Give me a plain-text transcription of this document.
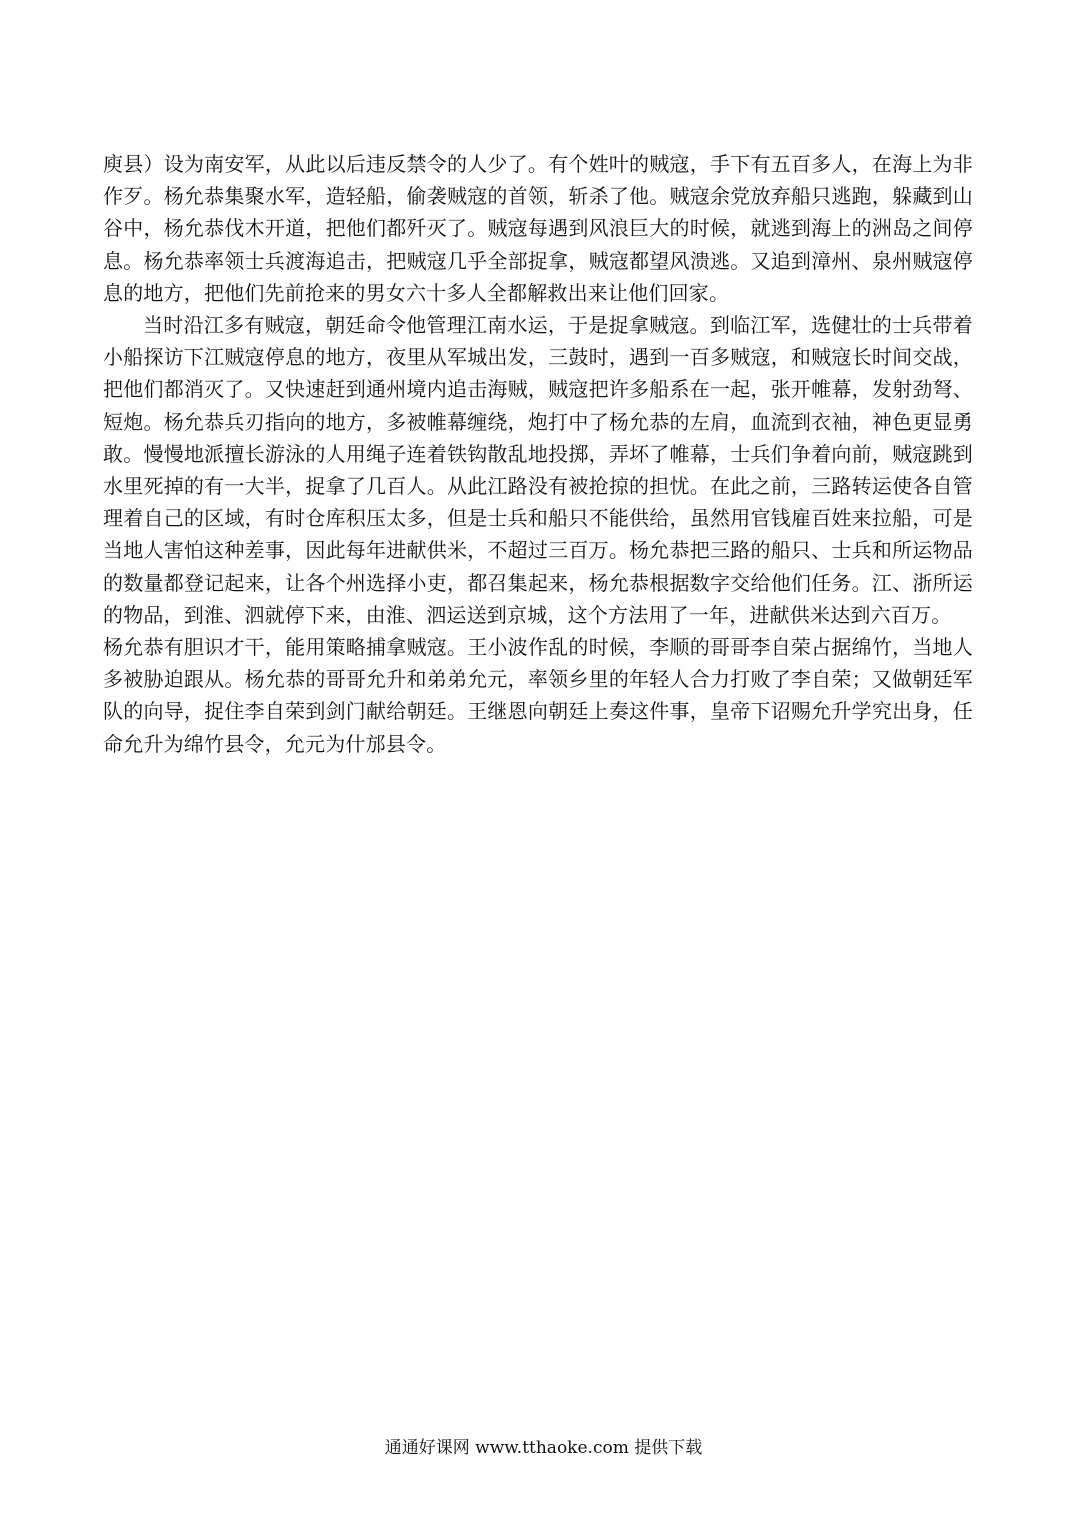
庾县）设为南安军，从此以后违反禁令的人少了。有个姓叶的贼寇，手下有五百多人，在海上为非作歹。杨允恭集聚水军，造轻船，偷袭贼寇的首领，斩杀了他。贼寇余党放弃船只逃跑，躲藏到山谷中，杨允恭伐木开道，把他们都歼灭了。贼寇每遇到风浪巨大的时候，就逃到海上的洲岛之间停息。杨允恭率领士兵渡海追击，把贼寇几乎全部捉拿，贼寇都望风溃逃。又追到漳州、泉州贼寇停息的地方，把他们先前抢来的男女六十多人全都解救出来让他们回家。

当时沿江多有贼寇，朝廷命令他管理江南水运，于是捉拿贼寇。到临江军，选健壮的士兵带着小船探访下江贼寇停息的地方，夜里从军城出发，三鼓时，遇到一百多贼寇，和贼寇长时间交战，把他们都消灭了。又快速赶到通州境内追击海贼，贼寇把许多船系在一起，张开帷幕，发射劲弩、短炮。杨允恭兵刃指向的地方，多被帷幕缠绕，炮打中了杨允恭的左肩，血流到衣袖，神色更显勇敢。慢慢地派擅长游泳的人用绳子连着铁钩散乱地投掷，弄坏了帷幕，士兵们争着向前，贼寇跳到水里死掉的有一大半，捉拿了几百人。从此江路没有被抢掠的担忧。在此之前，三路转运使各自管理着自己的区域，有时仓库积压太多，但是士兵和船只不能供给，虽然用官钱雇百姓来拉船，可是当地人害怕这种差事，因此每年进献供米，不超过三百万。杨允恭把三路的船只、士兵和所运物品的数量都登记起来，让各个州选择小吏，都召集起来，杨允恭根据数字交给他们任务。江、浙所运的物品，到淮、泗就停下来，由淮、泗运送到京城，这个方法用了一年，进献供米达到六百万。

杨允恭有胆识才干，能用策略捕拿贼寇。王小波作乱的时候，李顺的哥哥李自荣占据绵竹，当地人多被胁迫跟从。杨允恭的哥哥允升和弟弟允元，率领乡里的年轻人合力打败了李自荣；又做朝廷军队的向导，捉住李自荣到剑门献给朝廷。王继恩向朝廷上奏这件事，皇帝下诏赐允升学究出身，任命允升为绵竹县令，允元为什邡县令。

通通好课网 www.tthaoke.com 提供下载
